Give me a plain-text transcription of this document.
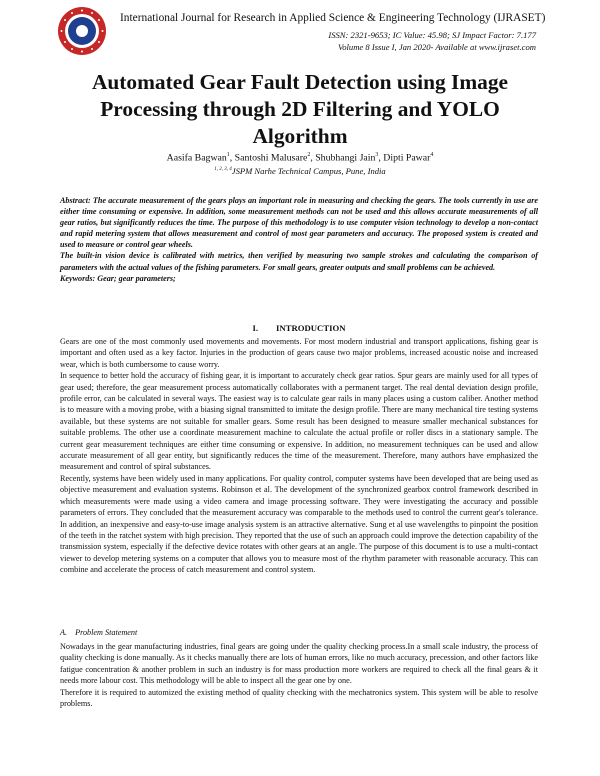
International Journal for Research in Applied Science & Engineering Technology (IJRASET)
ISSN: 2321-9653; IC Value: 45.98; SJ Impact Factor: 7.177
Volume 8 Issue I, Jan 2020- Available at www.ijraset.com
Automated Gear Fault Detection using Image Processing through 2D Filtering and YOLO Algorithm
Aasifa Bagwan$^1$, Santoshi Malusare$^2$, Shubhangi Jain$^3$, Dipti Pawar$^4$
$^{1, 2, 3, 4}$JSPM Narhe Technical Campus, Pune, India

Abstract: The accurate measurement of the gears plays an important role in measuring and checking the gears. The tools currently in use are either time consuming or expensive. In addition, some measurement methods can not be used and this allows accurate measurements of all gear ratios, but significantly reduces the time. The purpose of this methodology is to use computer vision technology to develop a non-contact and rapid metering system that allows measurement and control of most gear parameters and accuracy. The proposed system is created and used to measure or control gear wheels.

The built-in vision device is calibrated with metrics, then verified by measuring two sample strokes and calculating the comparison of parameters with the actual values of the fishing parameters. For small gears, greater outputs and small problems can be achieved.

Keywords: Gear; gear parameters;

I. INTRODUCTION

Gears are one of the most commonly used movements and movements. For most modern industrial and transport applications, fishing gear is important and often used as a key factor. Injuries in the production of gears cause two major problems, increased acoustic noise and increased wear, which is both cumbersome to cause worry.

In sequence to better hold the accuracy of fishing gear, it is important to accurately check gear ratios. Spur gears are mainly used for all types of gear used; therefore, the gear measurement process automatically collaborates with a permanent target. The real dental deviation design profile, profile error, can be calculated in several ways. The easiest way is to calculate gear rails in many places using a custom caliber. Another method is to measure with a moving probe, with a biasing signal transmitted to imitate the design profile. There are many mechanical tire testing systems available, but these systems are not suitable for smaller gears. Some result has been designed to measure smaller mechanical substances for suitable problems. The other use a coordinate measurement machine to calculate the actual profile or roller discs in a stationary sample. The current gear measurement techniques are either time consuming or expensive. In addition, no measurement techniques can be used and allow accurate measurement of all gear entity, but significantly reduces the time of the measurement. Therefore, many authors have emphasized the measurement and control of spiral substances.

Recently, systems have been widely used in many applications. For quality control, computer systems have been developed that are being used as objective measurement and evaluation systems. Robinson et al. The development of the synchronized gearbox control framework described in which measurements were made using a video camera and image processing software. They were investigating the accuracy and possible parameters of errors. They concluded that the measurement accuracy was comparable to the methods used to control the current gear's tolerance. In addition, an inexpensive and easy-to-use image analysis system is an attractive alternative. Sung et al use wavelengths to pinpoint the position of the teeth in the ratchet system with high precision. They reported that the use of such an approach could improve the detection capability of the transmission system, especially if the defective device rotates with other gears at an angle. The purpose of this document is to use a multi-contact viewer to develop metering systems on a computer that allows you to measure most of the rhythm parameter with reasonable accuracy. This can combine and accelerate the process of catch measurement and control system.

A. Problem Statement

Nowadays in the gear manufacturing industries, final gears are going under the quality checking process.In a small scale industry, the process of quality checking is done manually. As it checks manually there are lots of human errors, like no much accuracy, precession, and other factors like fatigue concentration & another problem in such an industry is for mass production more workers are required to check all the final gears & it needs more labour cost. This methodology will be able to inspect all the gear one by one.

Therefore it is required to automized the existing method of quality checking with the mechatronics system. This system will be able to resolve problems.
